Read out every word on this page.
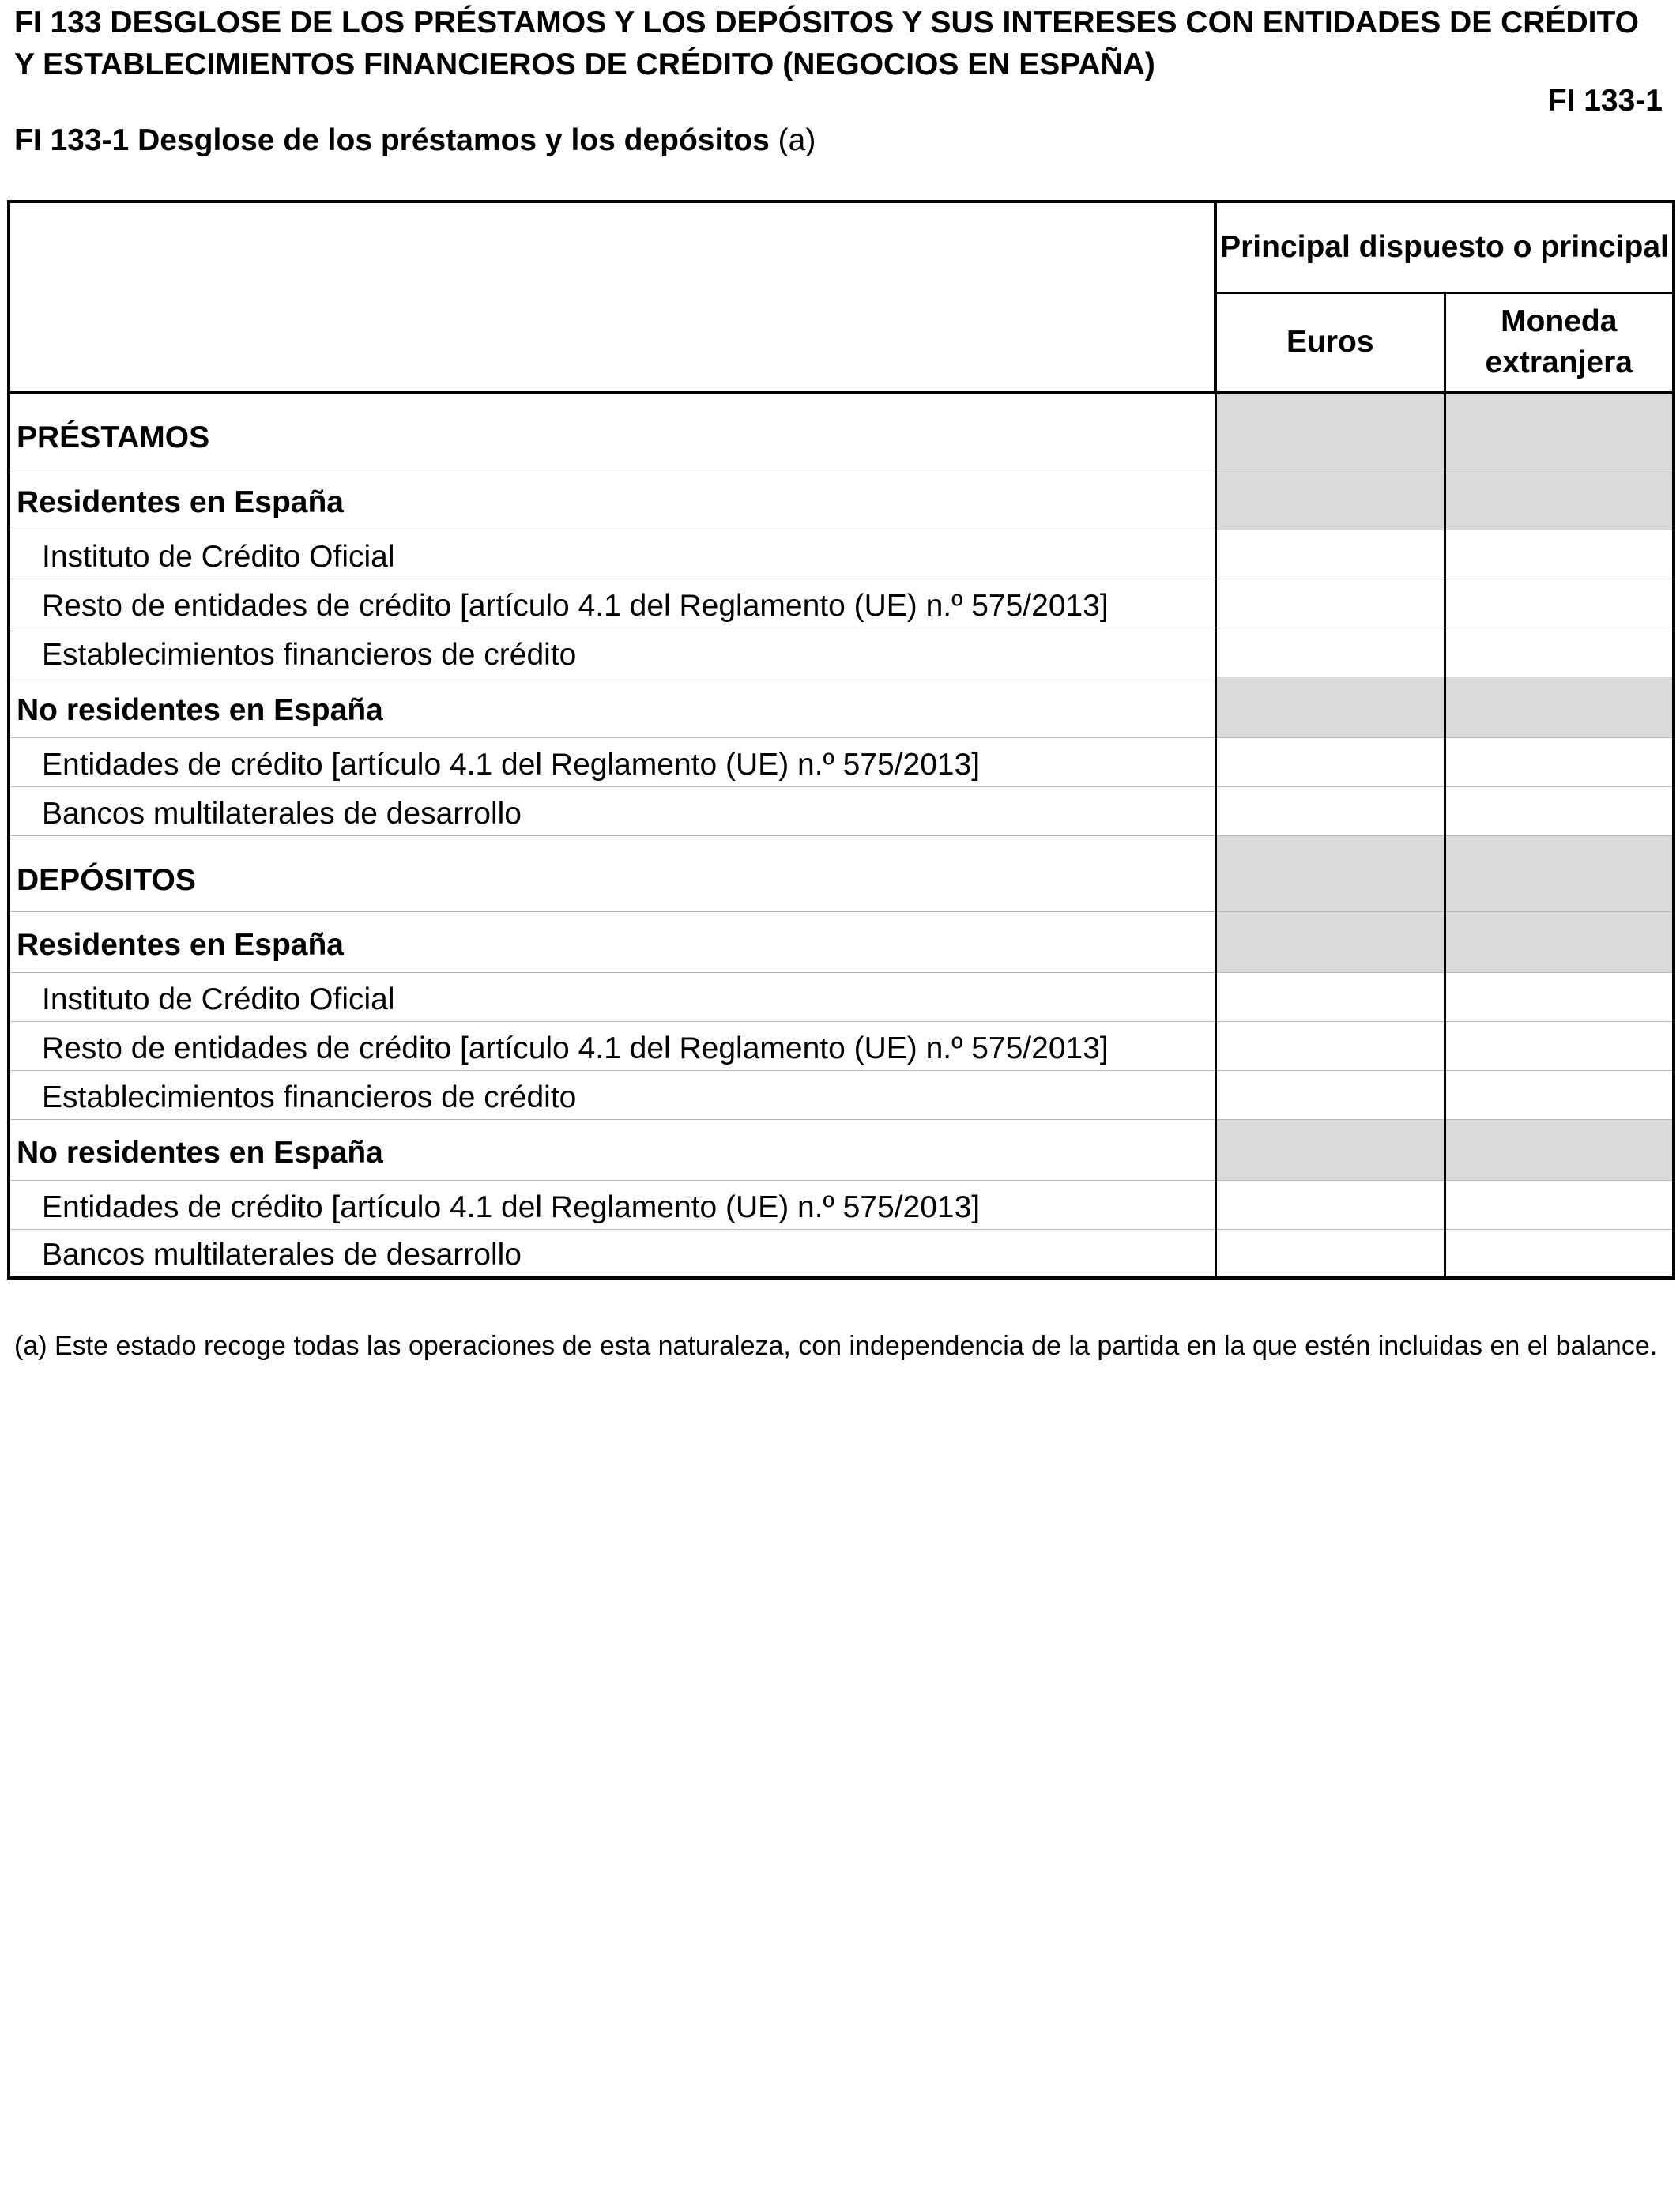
FI 133 DESGLOSE DE LOS PRÉSTAMOS Y LOS DEPÓSITOS Y SUS INTERESES CON ENTIDADES DE CRÉDITO Y ESTABLECIMIENTOS FINANCIEROS DE CRÉDITO (NEGOCIOS EN ESPAÑA)
FI 133-1
FI 133-1 Desglose de los préstamos y los depósitos (a)
	Principal dispuesto o principal	
	Euros	Moneda extranjera
PRÉSTAMOS		
Residentes en España		
Instituto de Crédito Oficial		
Resto de entidades de crédito [artículo 4.1 del Reglamento (UE) n.º 575/2013]		
Establecimientos financieros de crédito		
No residentes en España		
Entidades de crédito [artículo 4.1 del Reglamento (UE) n.º 575/2013]		
Bancos multilaterales de desarrollo		
DEPÓSITOS		
Residentes en España		
Instituto de Crédito Oficial		
Resto de entidades de crédito [artículo 4.1 del Reglamento (UE) n.º 575/2013]		
Establecimientos financieros de crédito		
No residentes en España		
Entidades de crédito [artículo 4.1 del Reglamento (UE) n.º 575/2013]		
Bancos multilaterales de desarrollo		

(a) Este estado recoge todas las operaciones de esta naturaleza, con independencia de la partida en la que estén incluidas en el balance.
